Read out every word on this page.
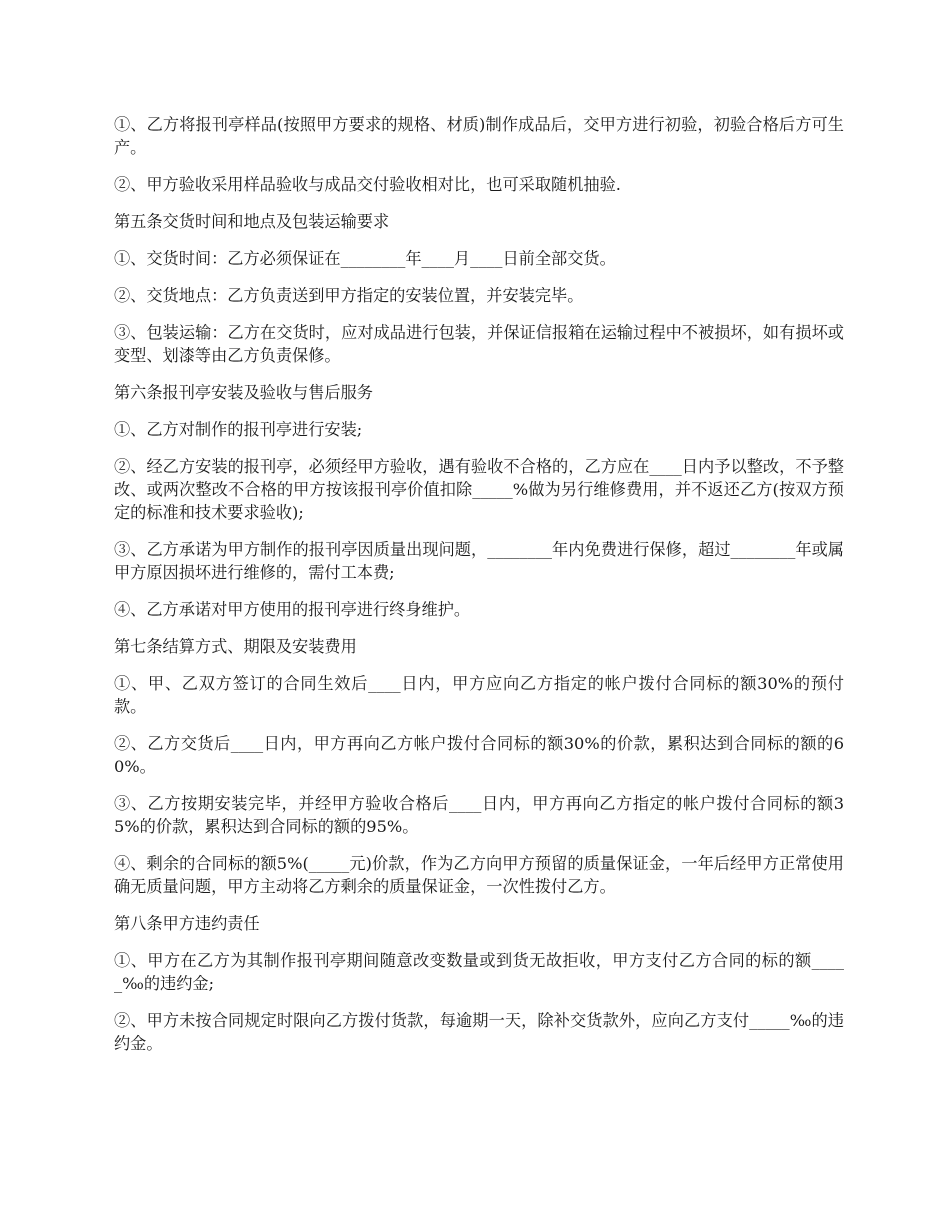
①、乙方将报刊亭样品(按照甲方要求的规格、材质)制作成品后，交甲方进行初验，初验合格后方可生产。

②、甲方验收采用样品验收与成品交付验收相对比，也可采取随机抽验.

第五条交货时间和地点及包装运输要求

①、交货时间：乙方必须保证在________年____月____日前全部交货。

②、交货地点：乙方负责送到甲方指定的安装位置，并安装完毕。

③、包装运输：乙方在交货时，应对成品进行包装，并保证信报箱在运输过程中不被损坏，如有损坏或变型、划漆等由乙方负责保修。

第六条报刊亭安装及验收与售后服务

①、乙方对制作的报刊亭进行安装;

②、经乙方安装的报刊亭，必须经甲方验收，遇有验收不合格的，乙方应在____日内予以整改，不予整改、或两次整改不合格的甲方按该报刊亭价值扣除_____%做为另行维修费用，并不返还乙方(按双方预定的标准和技术要求验收);

③、乙方承诺为甲方制作的报刊亭因质量出现问题，________年内免费进行保修，超过________年或属甲方原因损坏进行维修的，需付工本费;

④、乙方承诺对甲方使用的报刊亭进行终身维护。

第七条结算方式、期限及安装费用

①、甲、乙双方签订的合同生效后____日内，甲方应向乙方指定的帐户拨付合同标的额30%的预付款。

②、乙方交货后____日内，甲方再向乙方帐户拨付合同标的额30%的价款，累积达到合同标的额的60%。

③、乙方按期安装完毕，并经甲方验收合格后____日内，甲方再向乙方指定的帐户拨付合同标的额35%的价款，累积达到合同标的额的95%。

④、剩余的合同标的额5%(_____元)价款，作为乙方向甲方预留的质量保证金，一年后经甲方正常使用确无质量问题，甲方主动将乙方剩余的质量保证金，一次性拨付乙方。

第八条甲方违约责任

①、甲方在乙方为其制作报刊亭期间随意改变数量或到货无故拒收，甲方支付乙方合同的标的额_____‰的违约金;

②、甲方未按合同规定时限向乙方拨付货款，每逾期一天，除补交货款外，应向乙方支付_____‰的违约金。
